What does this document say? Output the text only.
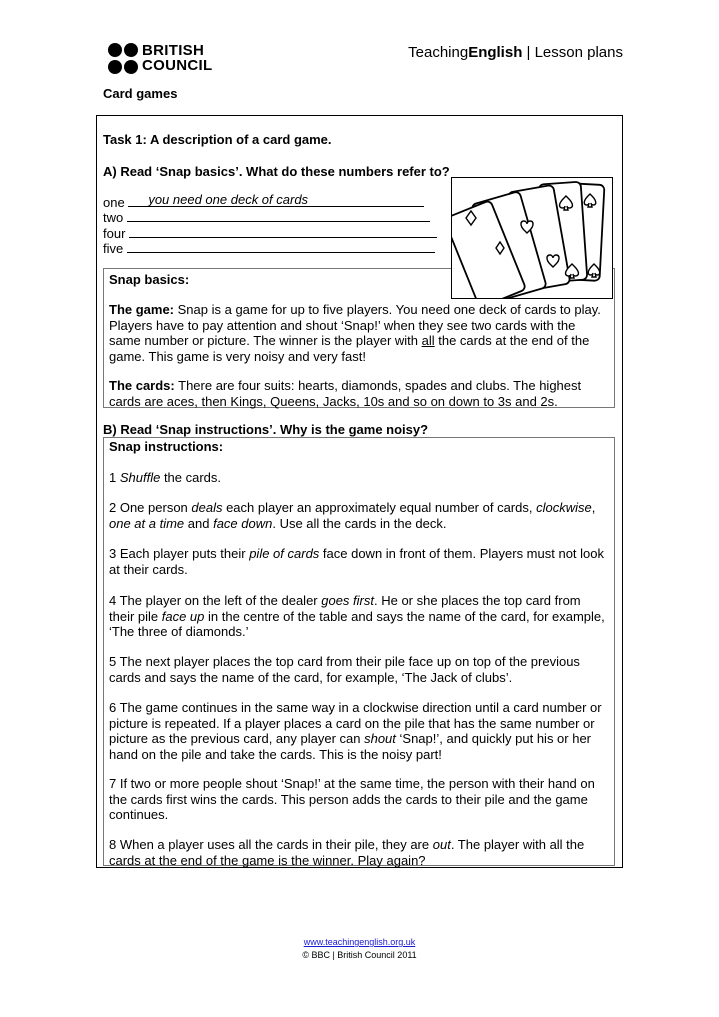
BRITISH
COUNCIL
TeachingEnglish | Lesson plans
Card games
Task 1: A description of a card game.
A) Read ‘Snap basics’. What do these numbers refer to?
one you need one deck of cards
two
four
five
Snap basics:
The game: Snap is a game for up to five players. You need one deck of cards to play. Players have to pay attention and shout ‘Snap!’ when they see two cards with the same number or picture. The winner is the player with all the cards at the end of the game. This game is very noisy and very fast!
The cards: There are four suits: hearts, diamonds, spades and clubs. The highest cards are aces, then Kings, Queens, Jacks, 10s and so on down to 3s and 2s.
B) Read ‘Snap instructions’. Why is the game noisy?
Snap instructions:
1 Shuffle the cards.
2 One person deals each player an approximately equal number of cards, clockwise, one at a time and face down. Use all the cards in the deck.
3 Each player puts their pile of cards face down in front of them. Players must not look at their cards.
4 The player on the left of the dealer goes first. He or she places the top card from their pile face up in the centre of the table and says the name of the card, for example, ‘The three of diamonds.’
5 The next player places the top card from their pile face up on top of the previous cards and says the name of the card, for example, ‘The Jack of clubs’.
6 The game continues in the same way in a clockwise direction until a card number or picture is repeated. If a player places a card on the pile that has the same number or picture as the previous card, any player can shout ‘Snap!’, and quickly put his or her hand on the pile and take the cards. This is the noisy part!
7 If two or more people shout ‘Snap!’ at the same time, the person with their hand on the cards first wins the cards. This person adds the cards to their pile and the game continues.
8 When a player uses all the cards in their pile, they are out. The player with all the cards at the end of the game is the winner. Play again?
www.teachingenglish.org.uk
© BBC | British Council 2011
